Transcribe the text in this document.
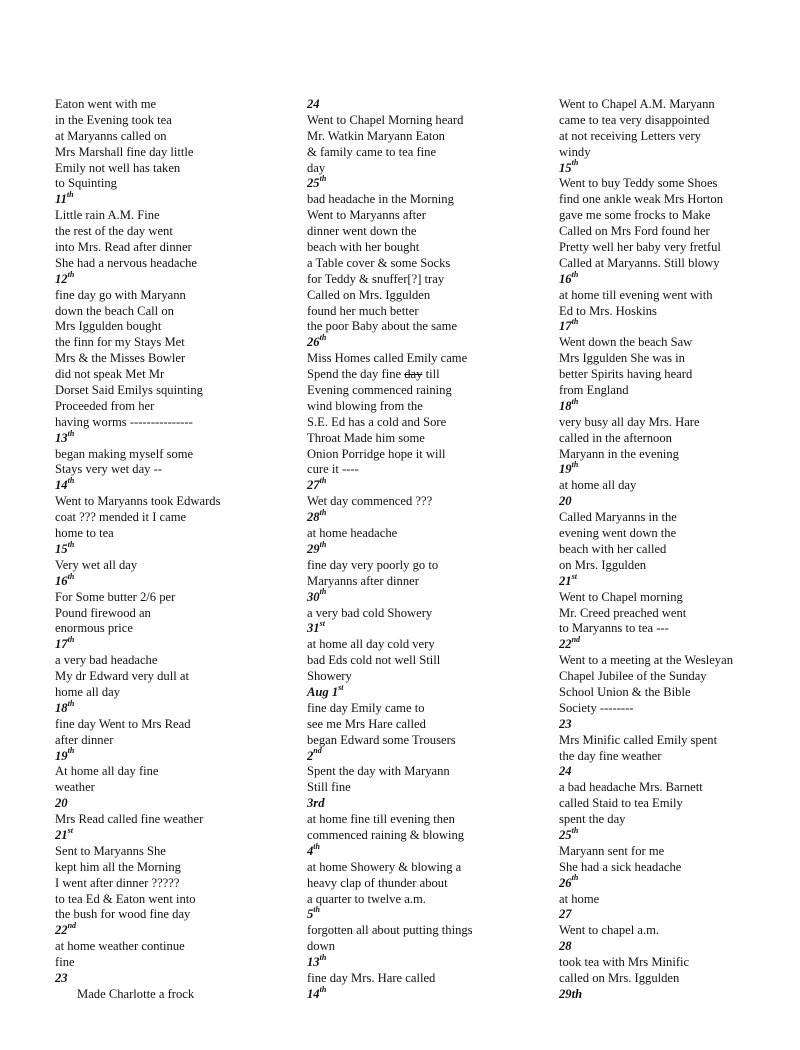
Eaton went with me
in the Evening took tea
at Maryanns called on
Mrs Marshall fine day little
Emily not well has taken
to Squinting
11th
Little rain A.M. Fine
the rest of the day went
into Mrs. Read after dinner
She had a nervous headache
12th
fine day go with Maryann
down the beach Call on
Mrs Iggulden bought
the finn for my Stays Met
Mrs & the Misses Bowler
did not speak Met Mr
Dorset Said Emilys squinting
Proceeded from her
having worms ---------------
13th
began making myself some
Stays very wet day --
14th
Went to Maryanns took Edwards
coat ??? mended it I came
home to tea
15th
Very wet all day
16th
For Some butter 2/6 per
Pound firewood an
enormous price
17th
a very bad headache
My dr Edward very dull at
home all day
18th
fine day Went to Mrs Read
after dinner
19th
At home all day fine
weather
20
Mrs Read called fine weather
21st
Sent to Maryanns She
kept him all the Morning
I went after dinner ?????
to tea Ed & Eaton went into
the bush for wood fine day
22nd
at home weather continue
fine
23
Made Charlotte a frock
24
Went to Chapel Morning heard
Mr. Watkin Maryann Eaton
& family came to tea fine
day
25th
bad headache in the Morning
Went to Maryanns after
dinner went down the
beach with her bought
a Table cover & some Socks
for Teddy & snuffer[?] tray
Called on Mrs. Iggulden
found her much better
the poor Baby about the same
26th
Miss Homes called Emily came
Spend the day fine day till
Evening commenced raining
wind blowing from the
S.E. Ed has a cold and Sore
Throat Made him some
Onion Porridge hope it will
cure it ----
27th
Wet day commenced ???
28th
at home headache
29th
fine day very poorly go to
Maryanns after dinner
30th
a very bad cold Showery
31st
at home all day cold very
bad Eds cold not well Still
Showery
Aug 1st
fine day Emily came to
see me Mrs Hare called
began Edward some Trousers
2nd
Spent the day with Maryann
Still fine
3rd
at home fine till evening then
commenced raining & blowing
4th
at home Showery & blowing a
heavy clap of thunder about
a quarter to twelve a.m.
5th
forgotten all about putting things
down
13th
fine day Mrs. Hare called
14th
Went to Chapel A.M. Maryann
came to tea very disappointed
at not receiving Letters very
windy
15th
Went to buy Teddy some Shoes
find one ankle weak Mrs Horton
gave me some frocks to Make
Called on Mrs Ford found her
Pretty well her baby very fretful
Called at Maryanns. Still blowy
16th
at home till evening went with
Ed to Mrs. Hoskins
17th
Went down the beach Saw
Mrs Iggulden She was in
better Spirits having heard
from England
18th
very busy all day Mrs. Hare
called in the afternoon
Maryann in the evening
19th
at home all day
20
Called Maryanns in the
evening went down the
beach with her called
on Mrs. Iggulden
21st
Went to Chapel morning
Mr. Creed preached went
to Maryanns to tea ---
22nd
Went to a meeting at the Wesleyan
Chapel Jubilee of the Sunday
School Union & the Bible
Society --------
23
Mrs Minific called Emily spent
the day fine weather
24
a bad headache Mrs. Barnett
called Staid to tea Emily
spent the day
25th
Maryann sent for me
She had a sick headache
26th
at home
27
Went to chapel a.m.
28
took tea with Mrs Minific
called on Mrs. Iggulden
29th
